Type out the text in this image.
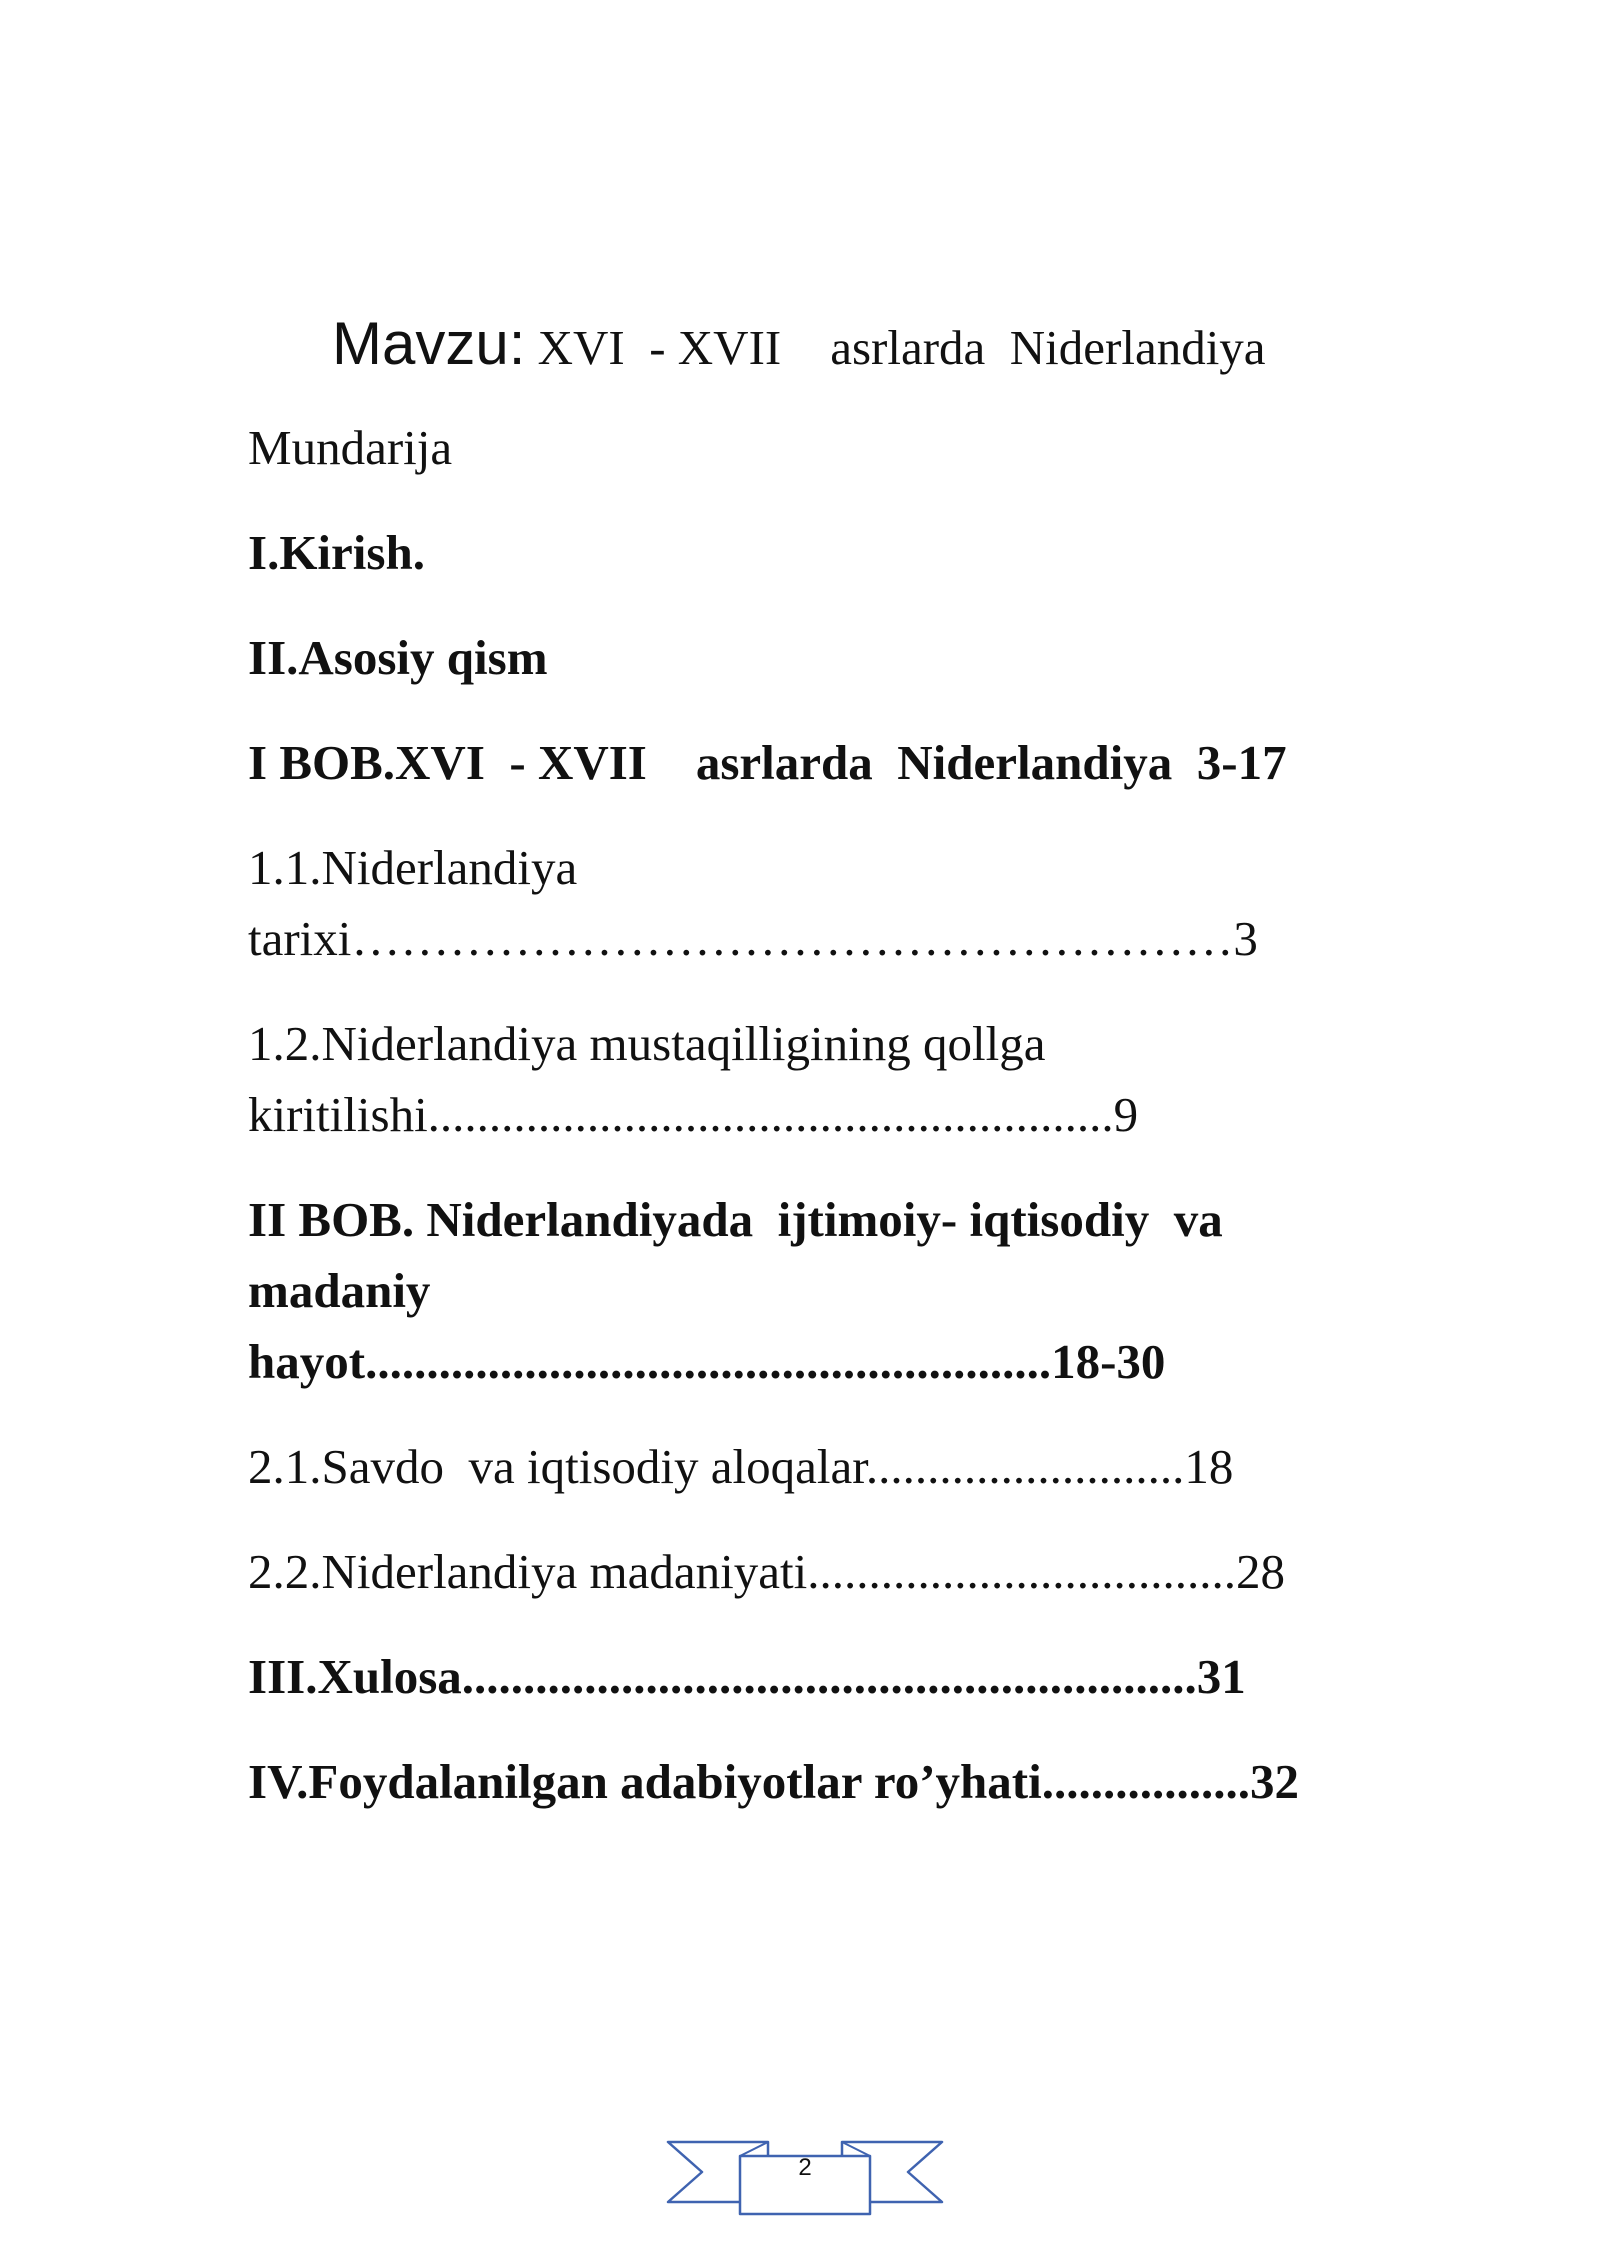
Mavzu: XVI  - XVII    asrlarda  Niderlandiya
Mundarija
I.Kirish.
II.Asosiy qism
I BOB.XVI  - XVII    asrlarda  Niderlandiya  3-17
1.1.Niderlandiya
tarixi………………………………………………3
1.2.Niderlandiya mustaqilligining qollga
kiritilishi........................................................9
II BOB. Niderlandiyada  ijtimoiy- iqtisodiy  va
madaniy
hayot........................................................18-30
2.1.Savdo  va iqtisodiy aloqalar..........................18
2.2.Niderlandiya madaniyati...................................28
III.Xulosa............................................................31
IV.Foydalanilgan adabiyotlar ro’yhati.................32
2
